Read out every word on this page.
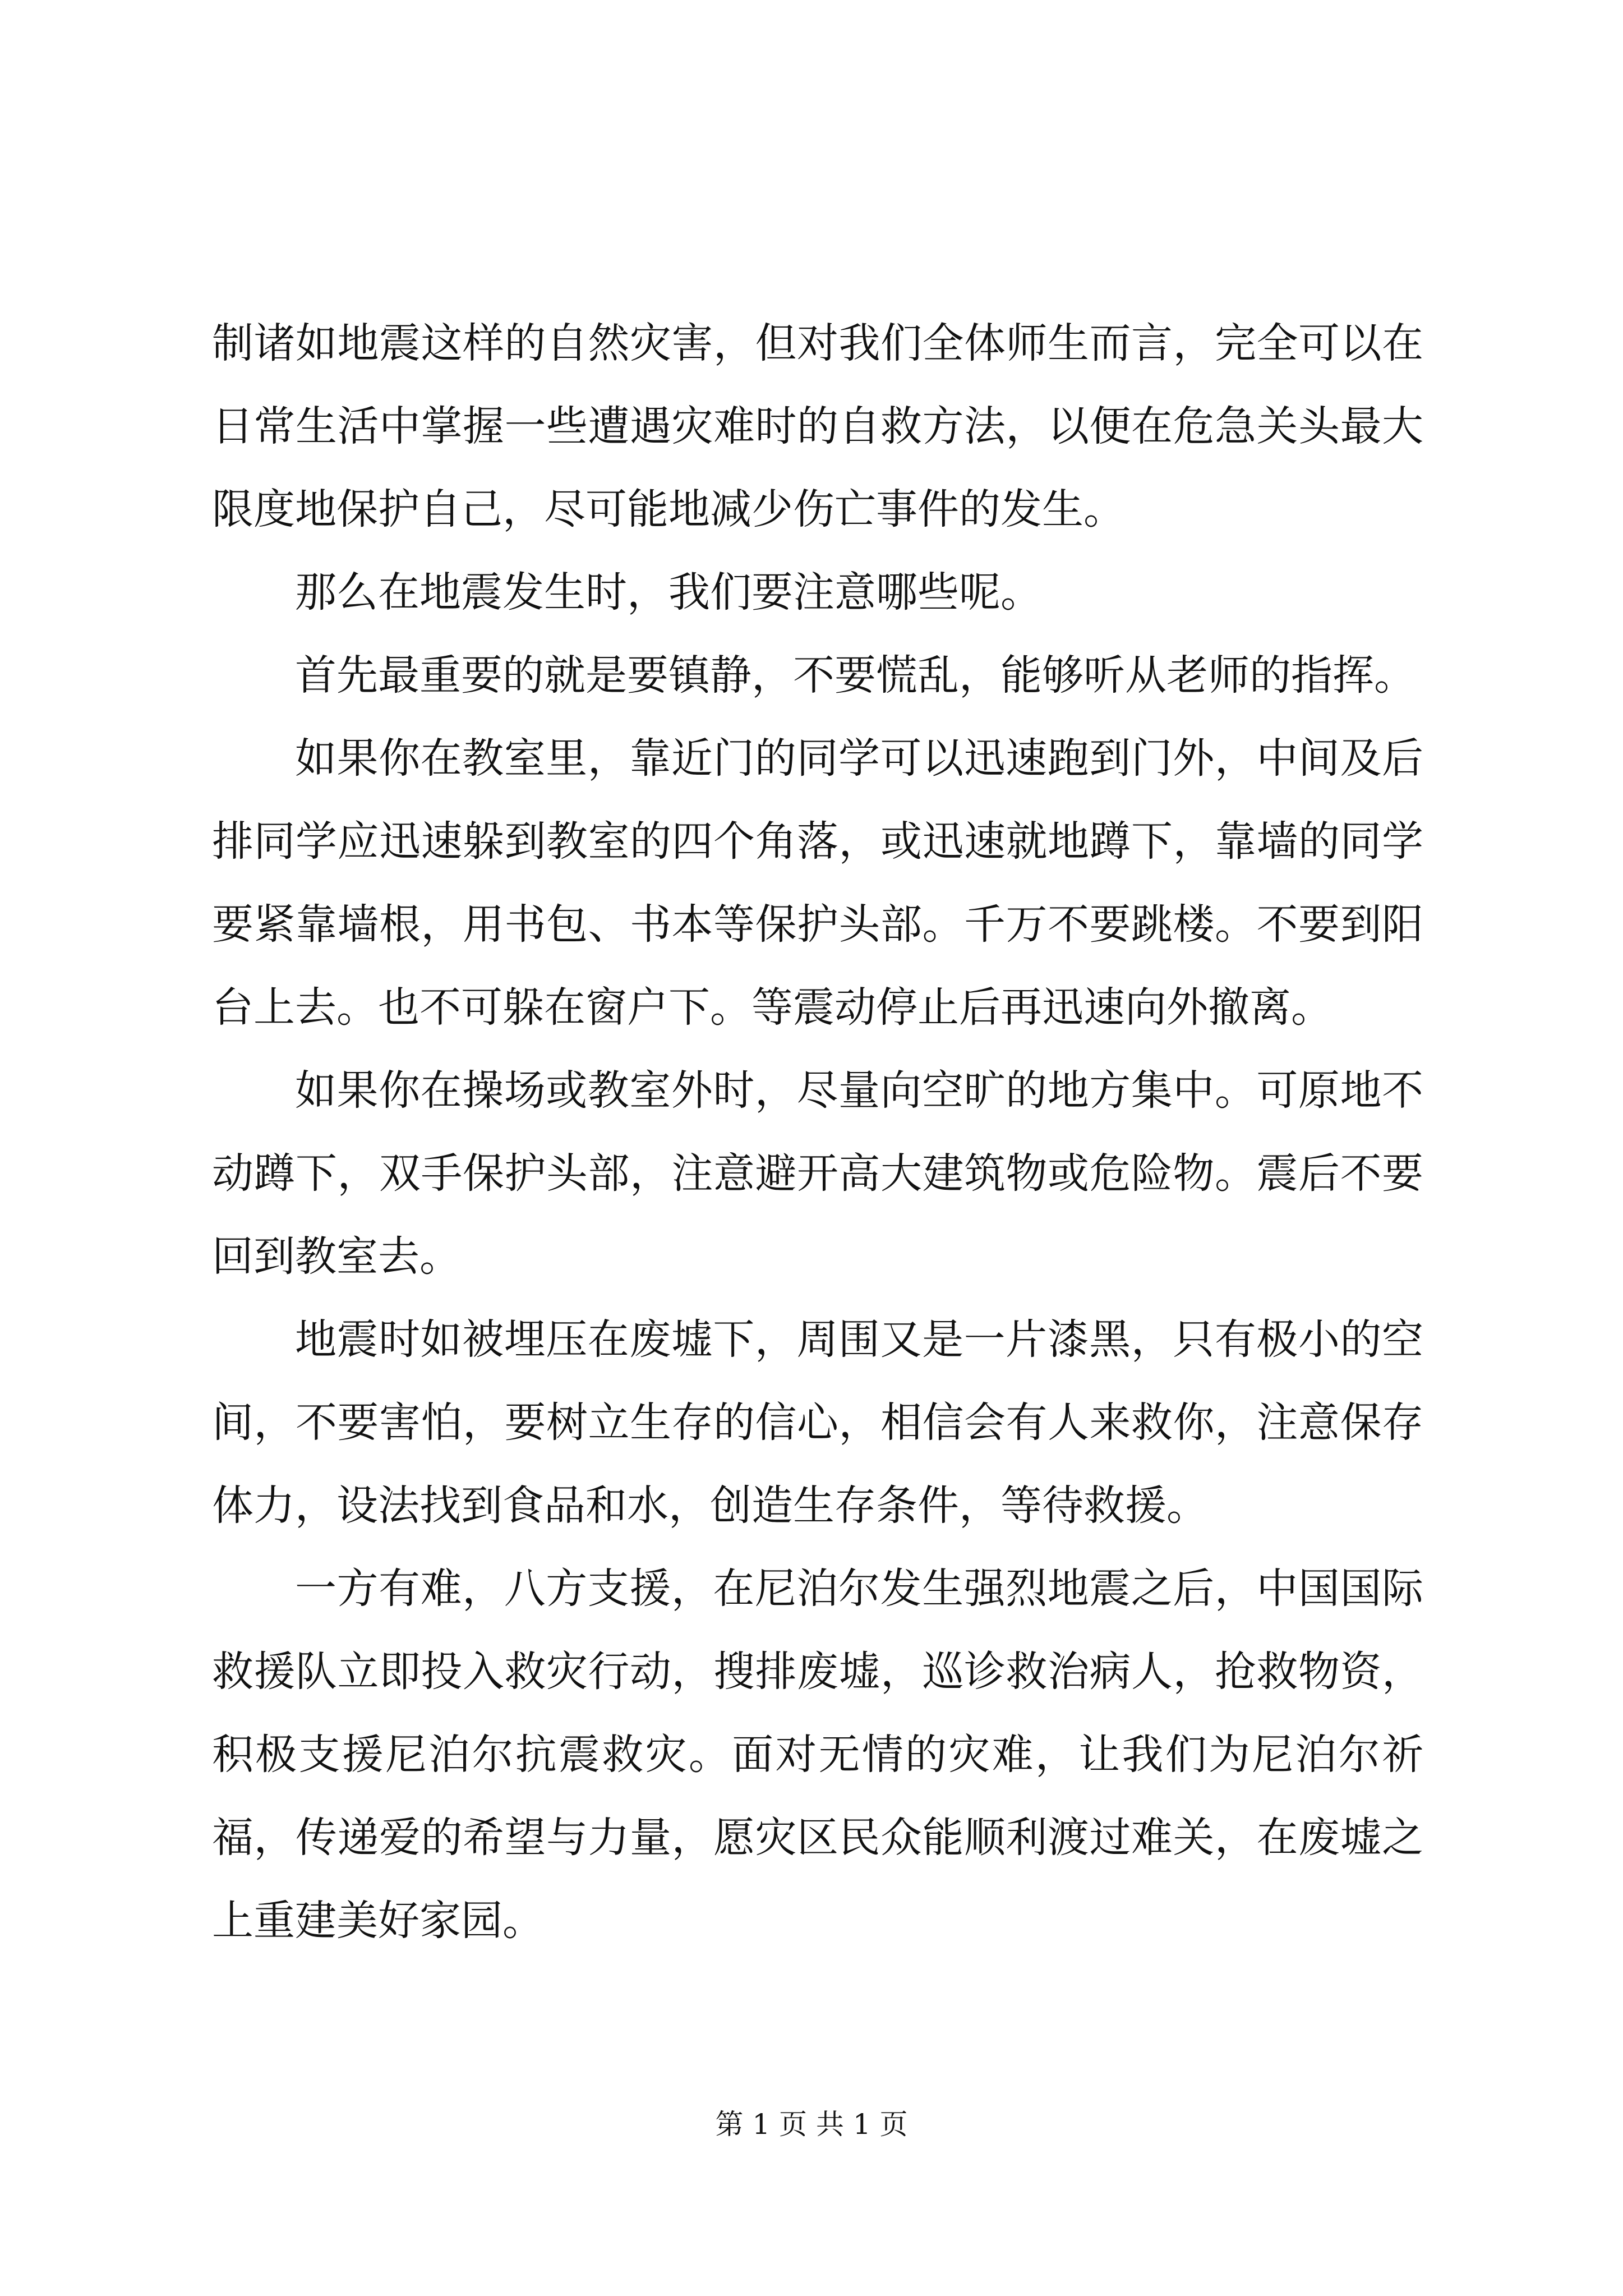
制诸如地震这样的自然灾害，但对我们全体师生而言，完全可以在日常生活中掌握一些遭遇灾难时的自救方法，以便在危急关头最大限度地保护自己，尽可能地减少伤亡事件的发生。

那么在地震发生时，我们要注意哪些呢。

首先最重要的就是要镇静，不要慌乱，能够听从老师的指挥。

如果你在教室里，靠近门的同学可以迅速跑到门外，中间及后排同学应迅速躲到教室的四个角落，或迅速就地蹲下，靠墙的同学要紧靠墙根，用书包、书本等保护头部。千万不要跳楼。不要到阳台上去。也不可躲在窗户下。等震动停止后再迅速向外撤离。

如果你在操场或教室外时，尽量向空旷的地方集中。可原地不动蹲下，双手保护头部，注意避开高大建筑物或危险物。震后不要回到教室去。

地震时如被埋压在废墟下，周围又是一片漆黑，只有极小的空间，不要害怕，要树立生存的信心，相信会有人来救你，注意保存体力，设法找到食品和水，创造生存条件，等待救援。

一方有难，八方支援，在尼泊尔发生强烈地震之后，中国国际救援队立即投入救灾行动，搜排废墟，巡诊救治病人，抢救物资，积极支援尼泊尔抗震救灾。面对无情的灾难，让我们为尼泊尔祈福，传递爱的希望与力量，愿灾区民众能顺利渡过难关，在废墟之上重建美好家园。

第 1 页 共 1 页
